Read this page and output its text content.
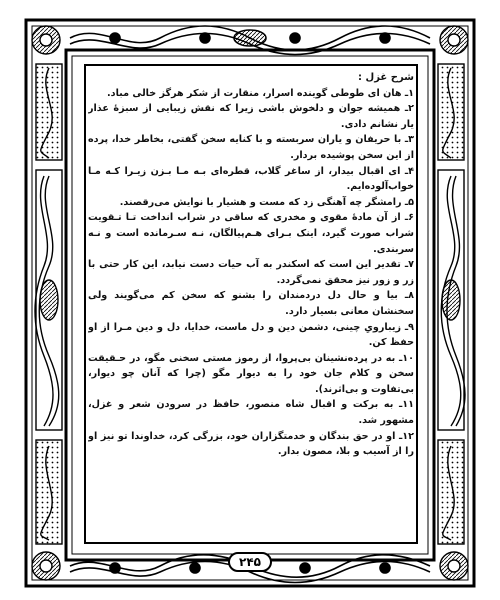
شرح غزل :

۱ـ هان ای طوطی گوینده اسرار، منقارت از شکر هرگز خالی مباد.

۲ـ همیشه جوان و دلخوش باشی زیرا که نقش زیبایی از سبزهٔ عذار یار نشانم دادی.

۳ـ با حریفان و یاران سربسته و با کنایه سخن گفتی، بخاطر خدا، پرده از این سخن پوشیده بردار.

۴ـ ای اقبال بیدار، از ساغر گلاب، قطره‌ای بـه مـا بـزن زیـرا کـه مـا خواب‌آلوده‌ایم.

۵ـ رامشگر چه آهنگی زد که مست و هشیار با نوایش می‌رقصند.

۶ـ از آن مادهٔ مقوی و مخدری که ساقی در شراب انداخت تـا تـقویت شراب صورت گیرد، اینک بـرای هـم‌پیالگان، نـه سـرمانده است و نـه سربندی.

۷ـ تقدیر این است که اسکندر به آب حیات دست نیابد، این کار حتی با زر و زور نیز محقق نمی‌گردد.

۸ـ بیا و حال دل دردمندان را بشنو که سخن کم می‌گویند ولی سخنشان معانی بسیار دارد.

۹ـ زیبارویِ چینی، دشمن دین و دل ماست، خدایا، دل و دین مـرا از او حفظ کن.

۱۰ـ به در پرده‌نشینان بی‌پروا، از رموز مستی سخنی مگو، در حـقیقت سخن و کلام جان خود را به دیوار مگو (چرا که آنان چو دیوار، بی‌تفاوت و بی‌اثرند).

۱۱ـ به برکت و اقبال شاه منصور، حافظ در سرودن شعر و غزل، مشهور شد.

۱۲ـ او در حق بندگان و خدمتگزاران خود، بزرگی کرد، خداوندا تو نیز او را از آسیب و بلا، مصون بدار.

۲۴۵
